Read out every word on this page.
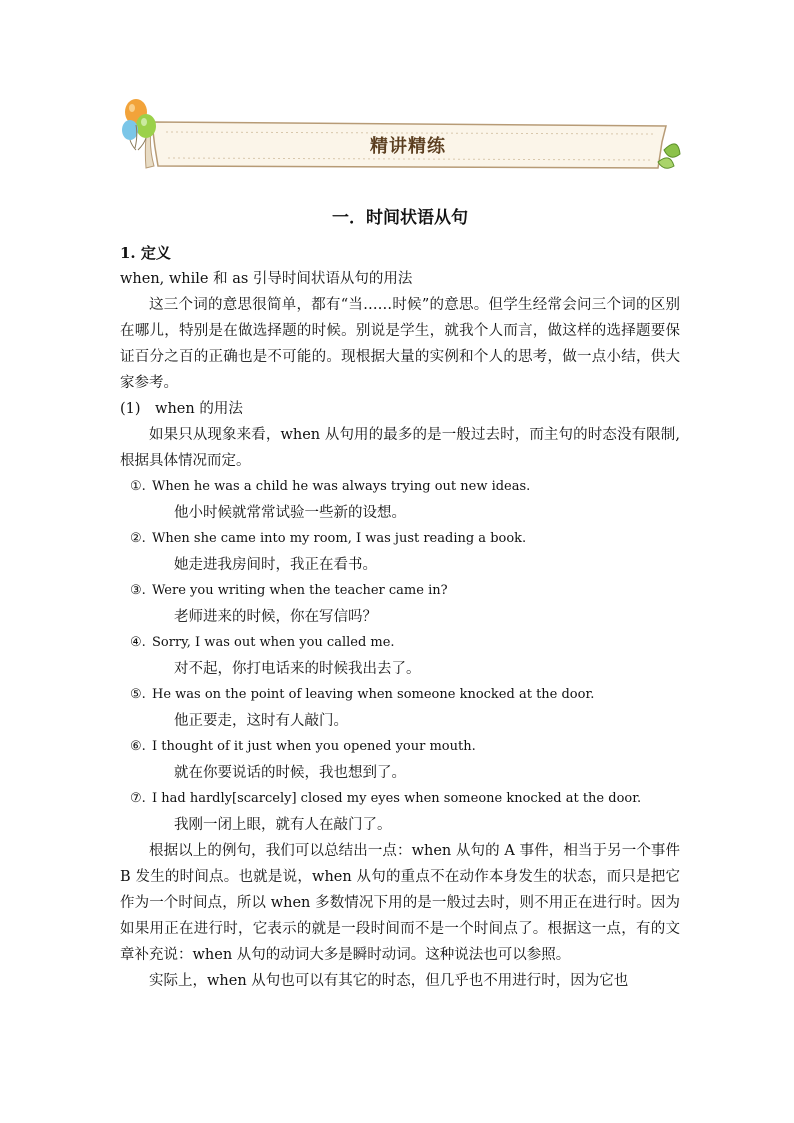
精讲精练
一．时间状语从句
1. 定义
when, while 和 as 引导时间状语从句的用法

这三个词的意思很简单，都有“当……时候”的意思。但学生经常会问三个词的区别在哪儿，特别是在做选择题的时候。别说是学生，就我个人而言，做这样的选择题要保证百分之百的正确也是不可能的。现根据大量的实例和个人的思考，做一点小结，供大家参考。

(1)　when 的用法

如果只从现象来看，when 从句用的最多的是一般过去时，而主句的时态没有限制,根据具体情况而定。

①. When he was a child he was always trying out new ideas.
他小时候就常常试验一些新的设想。
②. When she came into my room, I was just reading a book.
她走进我房间时，我正在看书。
③. Were you writing when the teacher came in?
老师进来的时候，你在写信吗？
④. Sorry, I was out when you called me.
对不起，你打电话来的时候我出去了。
⑤. He was on the point of leaving when someone knocked at the door.
他正要走，这时有人敲门。
⑥. I thought of it just when you opened your mouth.
就在你要说话的时候，我也想到了。
⑦. I had hardly[scarcely] closed my eyes when someone knocked at the door.
我刚一闭上眼，就有人在敲门了。

根据以上的例句，我们可以总结出一点：when 从句的 A 事件，相当于另一个事件 B 发生的时间点。也就是说，when 从句的重点不在动作本身发生的状态，而只是把它作为一个时间点，所以 when 多数情况下用的是一般过去时，则不用正在进行时。因为如果用正在进行时，它表示的就是一段时间而不是一个时间点了。根据这一点，有的文章补充说：when 从句的动词大多是瞬时动词。这种说法也可以参照。

实际上，when 从句也可以有其它的时态，但几乎也不用进行时，因为它也
